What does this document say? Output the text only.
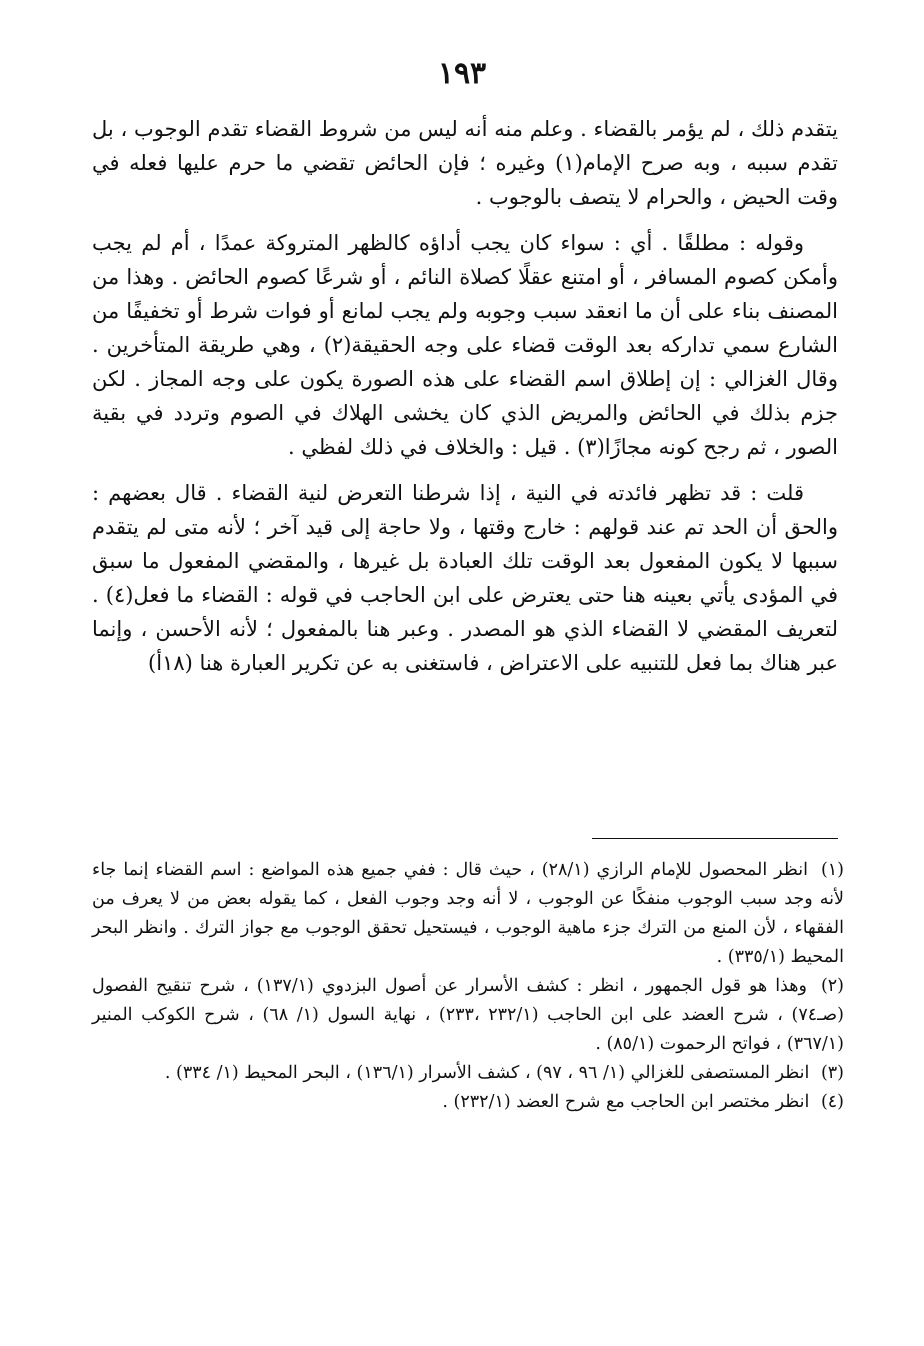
١٩٣

يتقدم ذلك ، لم يؤمر بالقضاء . وعلم منه أنه ليس من شروط القضاء تقدم الوجوب ، بل تقدم سببه ، وبه صرح الإمام(١) وغيره ؛ فإن الحائض تقضي ما حرم عليها فعله في وقت الحيض ، والحرام لا يتصف بالوجوب .

وقوله : مطلقًا . أي : سواء كان يجب أداؤه كالظهر المتروكة عمدًا ، أم لم يجب وأمكن كصوم المسافر ، أو امتنع عقلًا كصلاة النائم ، أو شرعًا كصوم الحائض . وهذا من المصنف بناء على أن ما انعقد سبب وجوبه ولم يجب لمانع أو فوات شرط أو تخفيفًا من الشارع سمي تداركه بعد الوقت قضاء على وجه الحقيقة(٢) ، وهي طريقة المتأخرين . وقال الغزالي : إن إطلاق اسم القضاء على هذه الصورة يكون على وجه المجاز . لكن جزم بذلك في الحائض والمريض الذي كان يخشى الهلاك في الصوم وتردد في بقية الصور ، ثم رجح كونه مجازًا(٣) . قيل : والخلاف في ذلك لفظي .

قلت : قد تظهر فائدته في النية ، إذا شرطنا التعرض لنية القضاء . قال بعضهم : والحق أن الحد تم عند قولهم : خارج وقتها ، ولا حاجة إلى قيد آخر ؛ لأنه متى لم يتقدم سببها لا يكون المفعول بعد الوقت تلك العبادة بل غيرها ، والمقضي المفعول ما سبق في المؤدى يأتي بعينه هنا حتى يعترض على ابن الحاجب في قوله : القضاء ما فعل(٤) . لتعريف المقضي لا القضاء الذي هو المصدر . وعبر هنا بالمفعول ؛ لأنه الأحسن ، وإنما عبر هناك بما فعل للتنبيه على الاعتراض ، فاستغنى به عن تكرير العبارة هنا (١٨أ)

(١) انظر المحصول للإمام الرازي (٢٨/١) ، حيث قال : ففي جميع هذه المواضع : اسم القضاء إنما جاء لأنه وجد سبب الوجوب منفكًا عن الوجوب ، لا أنه وجد وجوب الفعل ، كما يقوله بعض من لا يعرف من الفقهاء ، لأن المنع من الترك جزء ماهية الوجوب ، فيستحيل تحقق الوجوب مع جواز الترك . وانظر البحر المحيط (٣٣٥/١) .

(٢) وهذا هو قول الجمهور ، انظر : كشف الأسرار عن أصول البزدوي (١٣٧/١) ، شرح تنقيح الفصول (صـ٧٤) ، شرح العضد على ابن الحاجب (٢٣٢/١ ،٢٣٣) ، نهاية السول (١/ ٦٨) ، شرح الكوكب المنير (٣٦٧/١) ، فواتح الرحموت (٨٥/١) .

(٣) انظر المستصفى للغزالي (١/ ٩٦ ، ٩٧) ، كشف الأسرار (١٣٦/١) ، البحر المحيط (١/ ٣٣٤) .

(٤) انظر مختصر ابن الحاجب مع شرح العضد (٢٣٢/١) .
